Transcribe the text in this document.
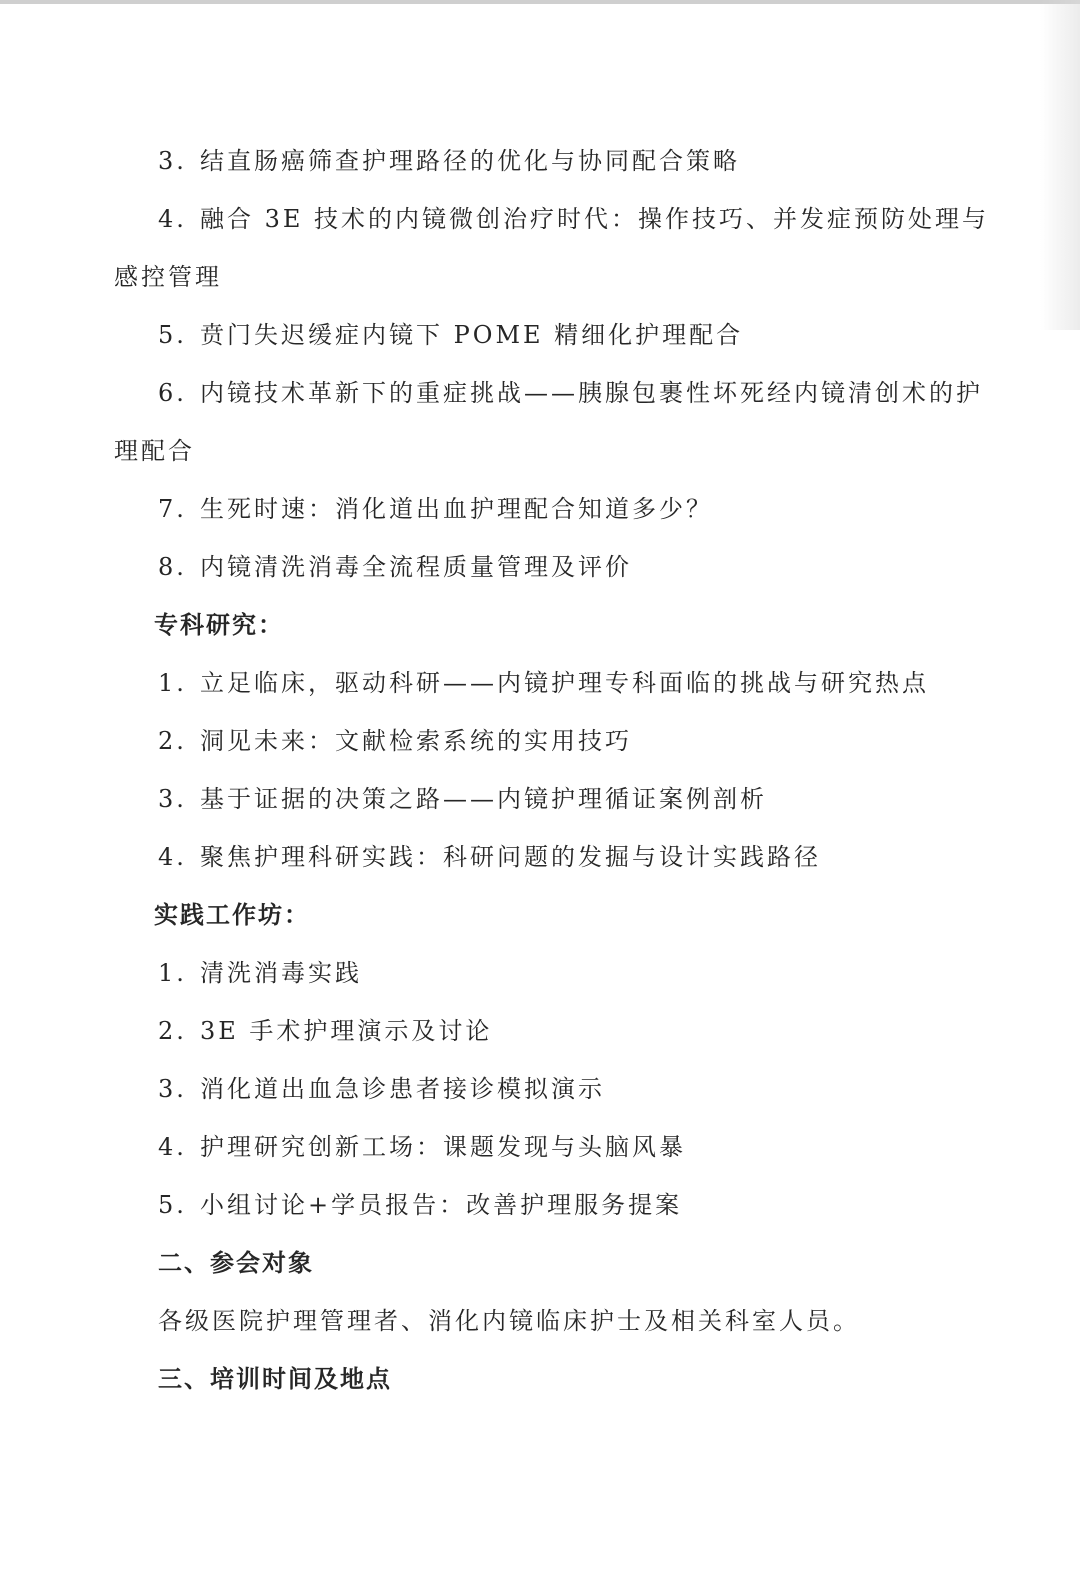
3. 结直肠癌筛查护理路径的优化与协同配合策略
4. 融合 3E 技术的内镜微创治疗时代：操作技巧、并发症预防处理与
感控管理
5. 贲门失迟缓症内镜下 POME 精细化护理配合
6. 内镜技术革新下的重症挑战——胰腺包裹性坏死经内镜清创术的护
理配合
7. 生死时速：消化道出血护理配合知道多少？
8. 内镜清洗消毒全流程质量管理及评价
专科研究：
1. 立足临床，驱动科研——内镜护理专科面临的挑战与研究热点
2. 洞见未来：文献检索系统的实用技巧
3. 基于证据的决策之路——内镜护理循证案例剖析
4. 聚焦护理科研实践：科研问题的发掘与设计实践路径
实践工作坊：
1. 清洗消毒实践
2. 3E 手术护理演示及讨论
3. 消化道出血急诊患者接诊模拟演示
4. 护理研究创新工场：课题发现与头脑风暴
5. 小组讨论+学员报告：改善护理服务提案
二、参会对象
各级医院护理管理者、消化内镜临床护士及相关科室人员。
三、培训时间及地点
